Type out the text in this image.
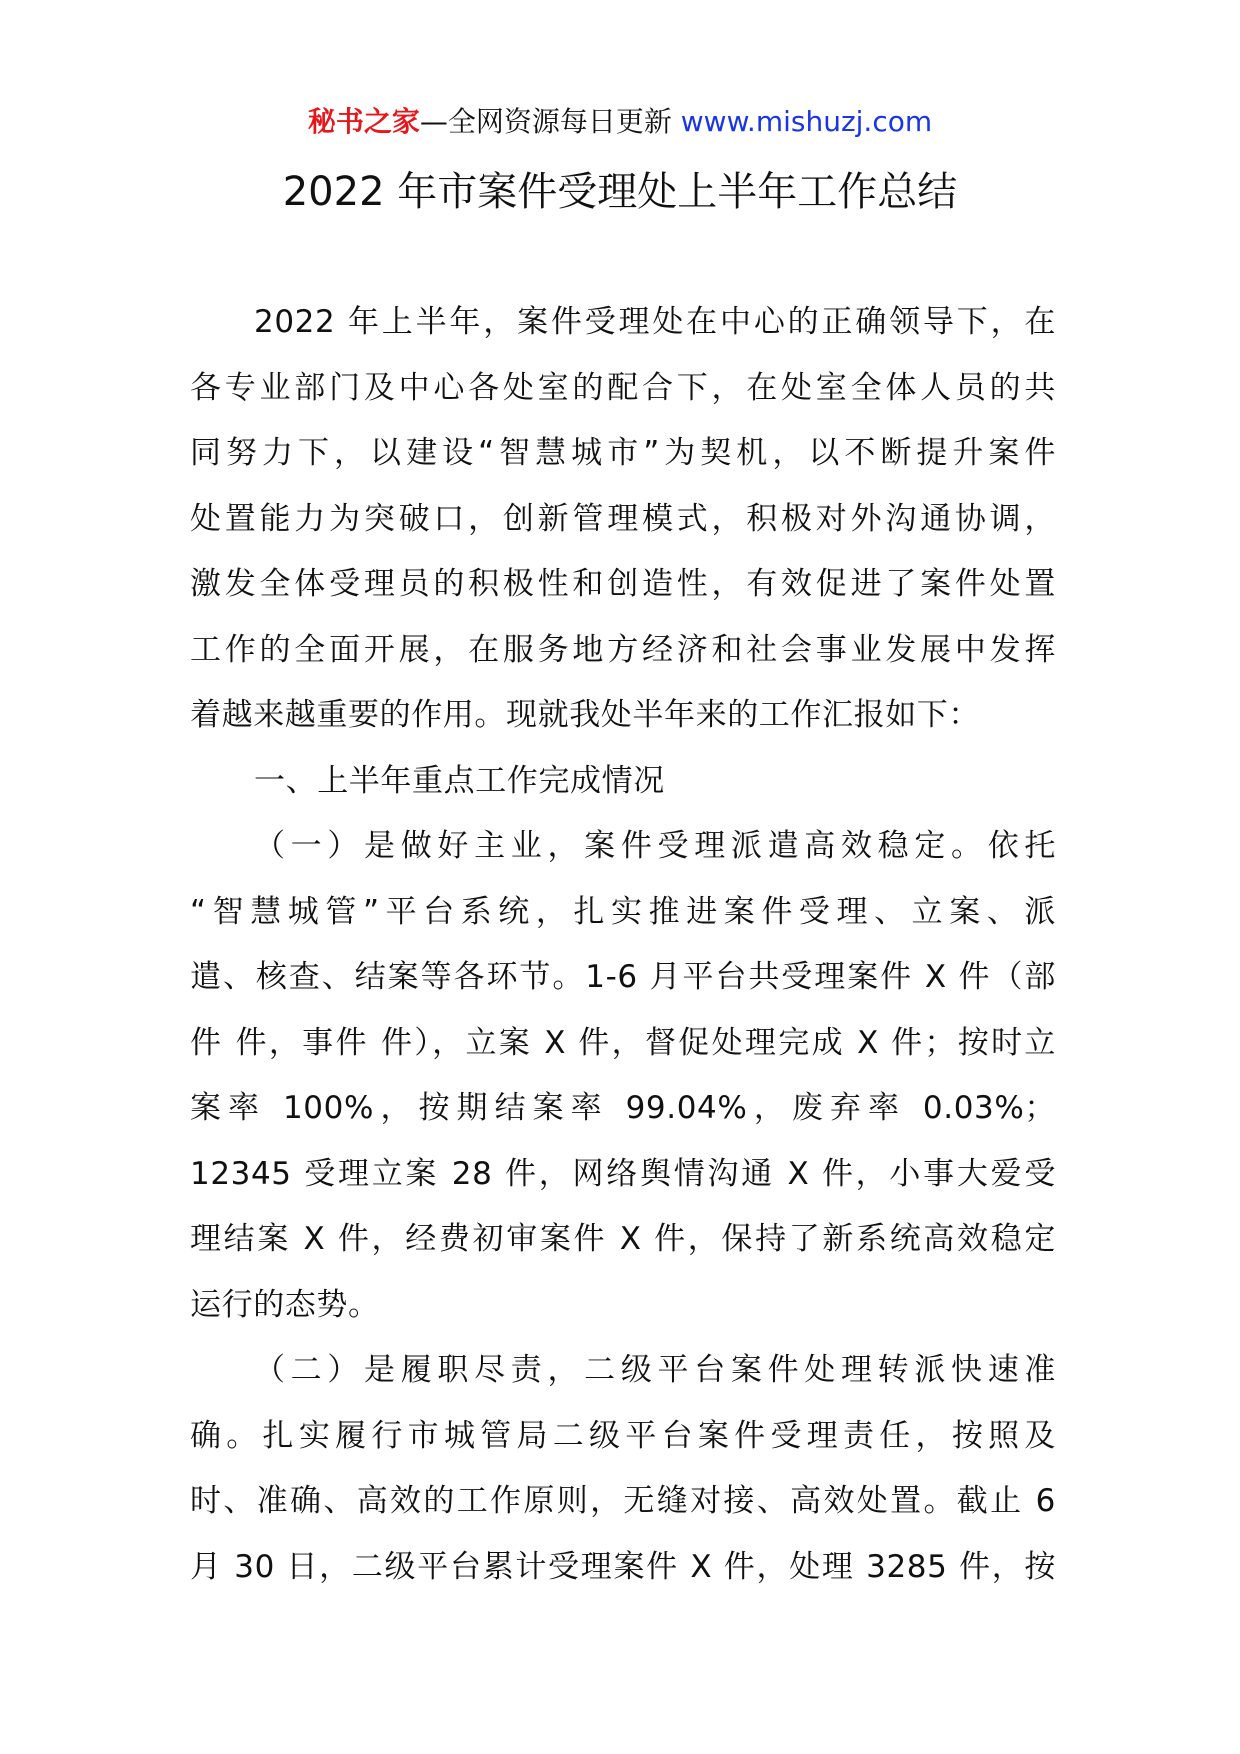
秘书之家—全网资源每日更新 www.mishuzj.com
2022 年市案件受理处上半年工作总结
2022 年上半年，案件受理处在中心的正确领导下，在
各专业部门及中心各处室的配合下，在处室全体人员的共
同努力下，以建设“智慧城市”为契机，以不断提升案件
处置能力为突破口，创新管理模式，积极对外沟通协调，
激发全体受理员的积极性和创造性，有效促进了案件处置
工作的全面开展，在服务地方经济和社会事业发展中发挥
着越来越重要的作用。现就我处半年来的工作汇报如下：
一、上半年重点工作完成情况
（一）是做好主业，案件受理派遣高效稳定。依托
“智慧城管”平台系统，扎实推进案件受理、立案、派
遣、核查、结案等各环节。1-6 月平台共受理案件 X 件（部
件 件，事件 件），立案 X 件，督促处理完成 X 件；按时立
案率 100%，按期结案率 99.04%，废弃率 0.03%；
12345 受理立案 28 件，网络舆情沟通 X 件，小事大爱受
理结案 X 件，经费初审案件 X 件，保持了新系统高效稳定
运行的态势。
（二）是履职尽责，二级平台案件处理转派快速准
确。扎实履行市城管局二级平台案件受理责任，按照及
时、准确、高效的工作原则，无缝对接、高效处置。截止 6
月 30 日，二级平台累计受理案件 X 件，处理 3285 件，按
